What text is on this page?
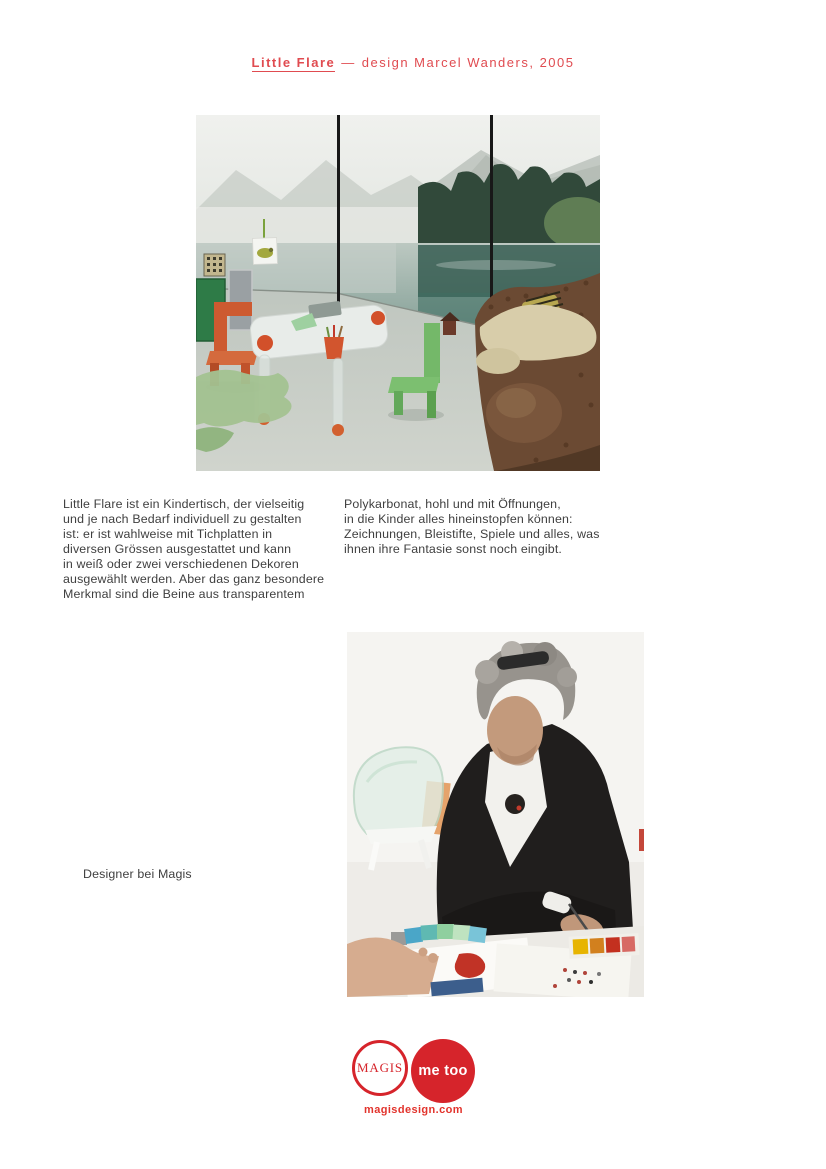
Little Flare — design Marcel Wanders, 2005
Little Flare ist ein Kindertisch, der vielseitig
und je nach Bedarf individuell zu gestalten
ist: er ist wahlweise mit Tichplatten in
diversen Grössen ausgestattet und kann
in weiß oder zwei verschiedenen Dekoren
ausgewählt werden. Aber das ganz besondere
Merkmal sind die Beine aus transparentem
Polykarbonat, hohl und mit Öffnungen,
in die Kinder alles hineinstopfen können:
Zeichnungen, Bleistifte, Spiele und alles, was
ihnen ihre Fantasie sonst noch eingibt.

Designer bei Magis

MAGIS me too
magisdesign.com
